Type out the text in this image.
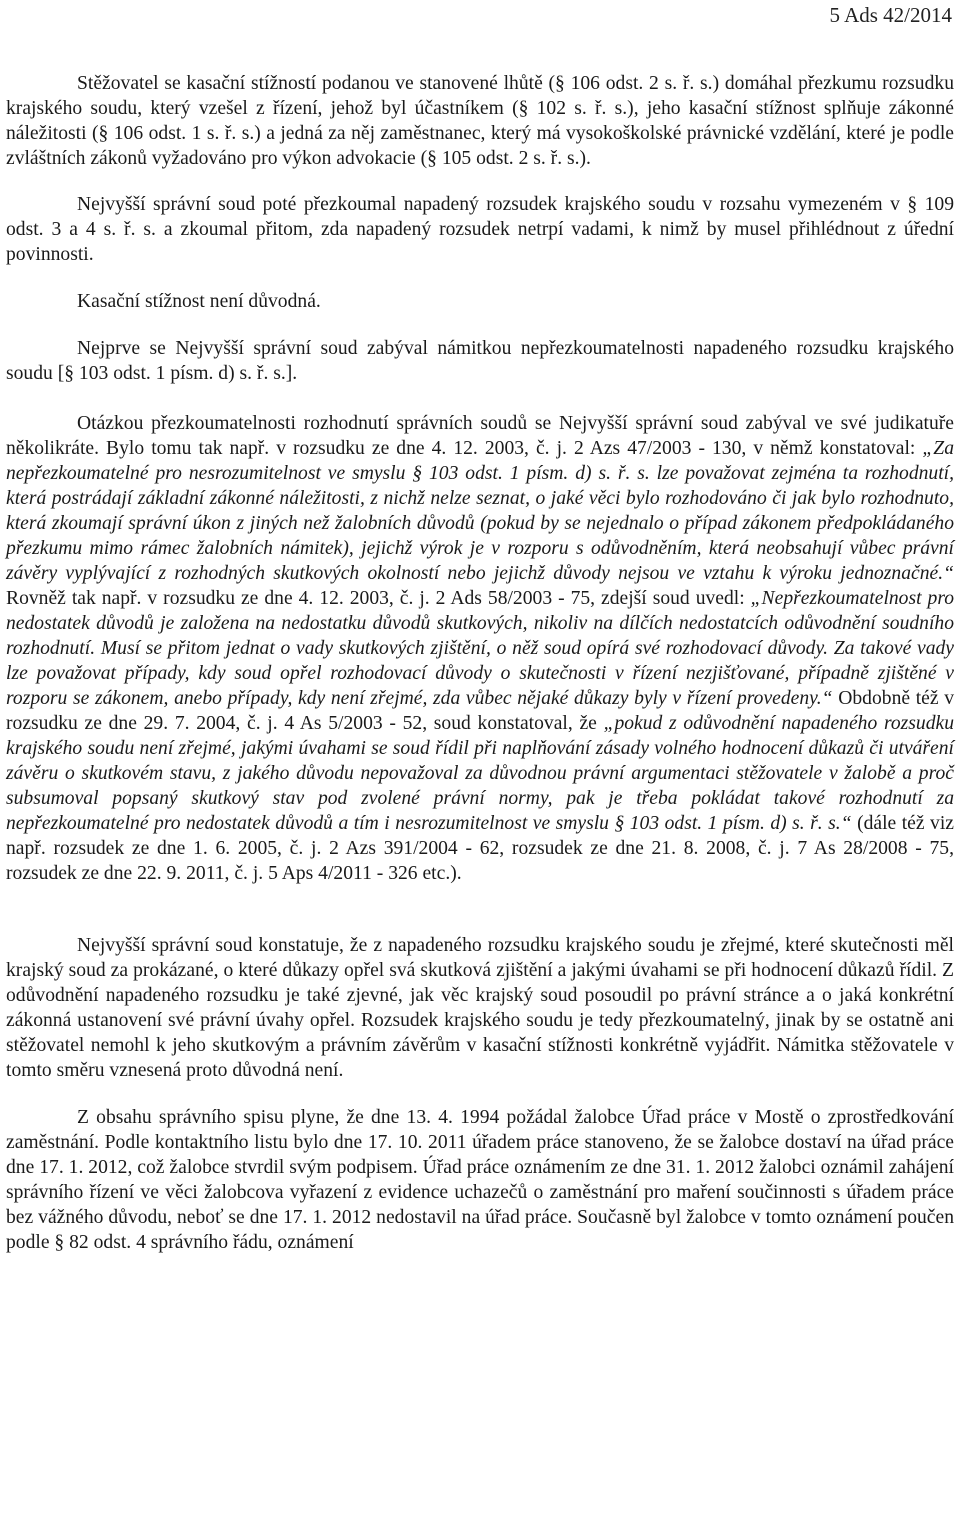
5 Ads 42/2014

Stěžovatel se kasační stížností podanou ve stanovené lhůtě (§ 106 odst. 2 s. ř. s.) domáhal přezkumu rozsudku krajského soudu, který vzešel z řízení, jehož byl účastníkem (§ 102 s. ř. s.), jeho kasační stížnost splňuje zákonné náležitosti (§ 106 odst. 1 s. ř. s.) a jedná za něj zaměstnanec, který má vysokoškolské právnické vzdělání, které je podle zvláštních zákonů vyžadováno pro výkon advokacie (§ 105 odst. 2 s. ř. s.).

Nejvyšší správní soud poté přezkoumal napadený rozsudek krajského soudu v rozsahu vymezeném v § 109 odst. 3 a 4 s. ř. s. a zkoumal přitom, zda napadený rozsudek netrpí vadami, k nimž by musel přihlédnout z úřední povinnosti.

Kasační stížnost není důvodná.

Nejprve se Nejvyšší správní soud zabýval námitkou nepřezkoumatelnosti napadeného rozsudku krajského soudu [§ 103 odst. 1 písm. d) s. ř. s.].

Otázkou přezkoumatelnosti rozhodnutí správních soudů se Nejvyšší správní soud zabýval ve své judikatuře několikráte. Bylo tomu tak např. v rozsudku ze dne 4. 12. 2003, č. j. 2 Azs 47/2003 - 130, v němž konstatoval: „Za nepřezkoumatelné pro nesrozumitelnost ve smyslu § 103 odst. 1 písm. d) s. ř. s. lze považovat zejména ta rozhodnutí, která postrádají základní zákonné náležitosti, z nichž nelze seznat, o jaké věci bylo rozhodováno či jak bylo rozhodnuto, která zkoumají správní úkon z jiných než žalobních důvodů (pokud by se nejednalo o případ zákonem předpokládaného přezkumu mimo rámec žalobních námitek), jejichž výrok je v rozporu s odůvodněním, která neobsahují vůbec právní závěry vyplývající z rozhodných skutkových okolností nebo jejichž důvody nejsou ve vztahu k výroku jednoznačné.“ Rovněž tak např. v rozsudku ze dne 4. 12. 2003, č. j. 2 Ads 58/2003 - 75, zdejší soud uvedl: „Nepřezkoumatelnost pro nedostatek důvodů je založena na nedostatku důvodů skutkových, nikoliv na dílčích nedostatcích odůvodnění soudního rozhodnutí. Musí se přitom jednat o vady skutkových zjištění, o něž soud opírá své rozhodovací důvody. Za takové vady lze považovat případy, kdy soud opřel rozhodovací důvody o skutečnosti v řízení nezjišťované, případně zjištěné v rozporu se zákonem, anebo případy, kdy není zřejmé, zda vůbec nějaké důkazy byly v řízení provedeny.“ Obdobně též v rozsudku ze dne 29. 7. 2004, č. j. 4 As 5/2003 - 52, soud konstatoval, že „pokud z odůvodnění napadeného rozsudku krajského soudu není zřejmé, jakými úvahami se soud řídil při naplňování zásady volného hodnocení důkazů či utváření závěru o skutkovém stavu, z jakého důvodu nepovažoval za důvodnou právní argumentaci stěžovatele v žalobě a proč subsumoval popsaný skutkový stav pod zvolené právní normy, pak je třeba pokládat takové rozhodnutí za nepřezkoumatelné pro nedostatek důvodů a tím i nesrozumitelnost ve smyslu § 103 odst. 1 písm. d) s. ř. s.“ (dále též viz např. rozsudek ze dne 1. 6. 2005, č. j. 2 Azs 391/2004 - 62, rozsudek ze dne 21. 8. 2008, č. j. 7 As 28/2008 - 75, rozsudek ze dne 22. 9. 2011, č. j. 5 Aps 4/2011 - 326 etc.).

Nejvyšší správní soud konstatuje, že z napadeného rozsudku krajského soudu je zřejmé, které skutečnosti měl krajský soud za prokázané, o které důkazy opřel svá skutková zjištění a jakými úvahami se při hodnocení důkazů řídil. Z odůvodnění napadeného rozsudku je také zjevné, jak věc krajský soud posoudil po právní stránce a o jaká konkrétní zákonná ustanovení své právní úvahy opřel. Rozsudek krajského soudu je tedy přezkoumatelný, jinak by se ostatně ani stěžovatel nemohl k jeho skutkovým a právním závěrům v kasační stížnosti konkrétně vyjádřit. Námitka stěžovatele v tomto směru vznesená proto důvodná není.

Z obsahu správního spisu plyne, že dne 13. 4. 1994 požádal žalobce Úřad práce v Mostě o zprostředkování zaměstnání. Podle kontaktního listu bylo dne 17. 10. 2011 úřadem práce stanoveno, že se žalobce dostaví na úřad práce dne 17. 1. 2012, což žalobce stvrdil svým podpisem. Úřad práce oznámením ze dne 31. 1. 2012 žalobci oznámil zahájení správního řízení ve věci žalobcova vyřazení z evidence uchazečů o zaměstnání pro maření součinnosti s úřadem práce bez vážného důvodu, neboť se dne 17. 1. 2012 nedostavil na úřad práce. Současně byl žalobce v tomto oznámení poučen podle § 82 odst. 4 správního řádu, oznámení
